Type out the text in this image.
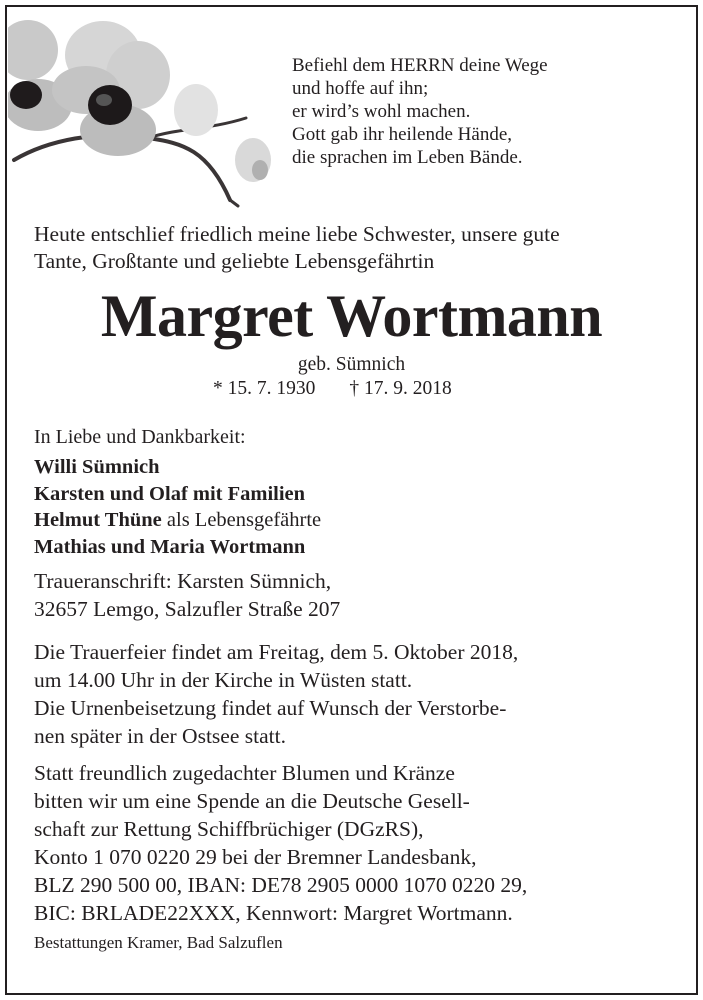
Befiehl dem HERRN deine Wege
und hoffe auf ihn;
er wird’s wohl machen.
Gott gab ihr heilende Hände,
die sprachen im Leben Bände.
Heute entschlief friedlich meine liebe Schwester, unsere gute
Tante, Großtante und geliebte Lebensgefährtin
Margret Wortmann
geb. Sümnich
* 15. 7. 1930 † 17. 9. 2018
In Liebe und Dankbarkeit:
Willi Sümnich
Karsten und Olaf mit Familien
Helmut Thüne als Lebensgefährte
Mathias und Maria Wortmann
Traueranschrift: Karsten Sümnich,
32657 Lemgo, Salzufler Straße 207
Die Trauerfeier findet am Freitag, dem 5. Oktober 2018,
um 14.00 Uhr in der Kirche in Wüsten statt.
Die Urnenbeisetzung findet auf Wunsch der Verstorbe-
nen später in der Ostsee statt.
Statt freundlich zugedachter Blumen und Kränze
bitten wir um eine Spende an die Deutsche Gesell-
schaft zur Rettung Schiffbrüchiger (DGzRS),
Konto 1 070 0220 29 bei der Bremner Landesbank,
BLZ 290 500 00, IBAN: DE78 2905 0000 1070 0220 29,
BIC: BRLADE22XXX, Kennwort: Margret Wortmann.
Bestattungen Kramer, Bad Salzuflen
